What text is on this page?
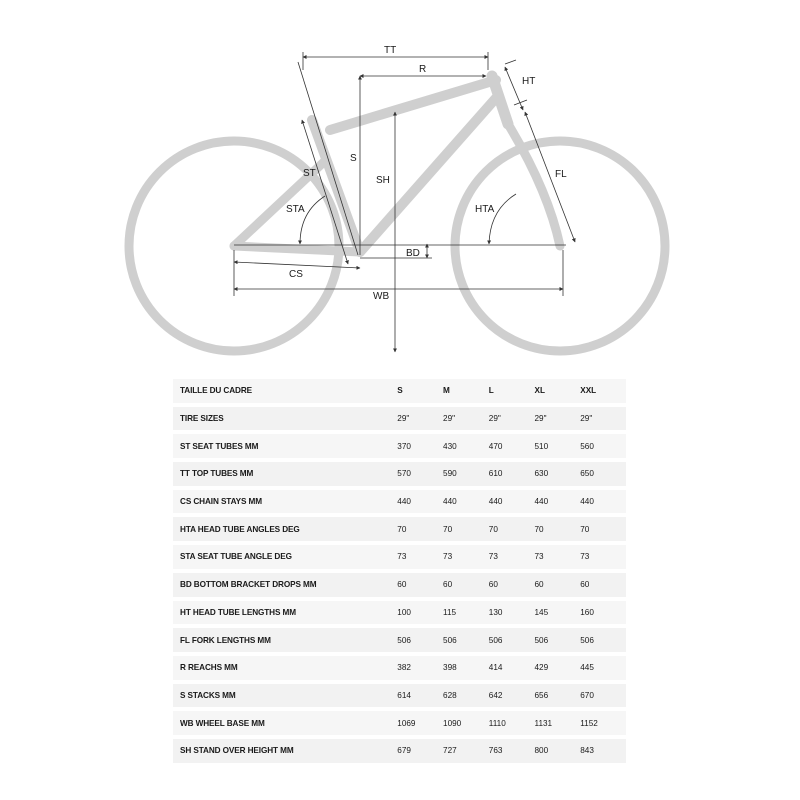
TT
R
HT
S
ST
SH
STA
FL
HTA
BD
CS
WB
TAILLE DU CADRE	S	M	L	XL	XXL
TIRE SIZES	29"	29"	29"	29"	29"
ST SEAT TUBES MM	370	430	470	510	560
TT TOP TUBES MM	570	590	610	630	650
CS CHAIN STAYS MM	440	440	440	440	440
HTA HEAD TUBE ANGLES DEG	70	70	70	70	70
STA SEAT TUBE ANGLE DEG	73	73	73	73	73
BD BOTTOM BRACKET DROPS MM	60	60	60	60	60
HT HEAD TUBE LENGTHS MM	100	115	130	145	160
FL FORK LENGTHS MM	506	506	506	506	506
R REACHS MM	382	398	414	429	445
S STACKS MM	614	628	642	656	670
WB WHEEL BASE MM	1069	1090	1110	1131	1152
SH STAND OVER HEIGHT MM	679	727	763	800	843
